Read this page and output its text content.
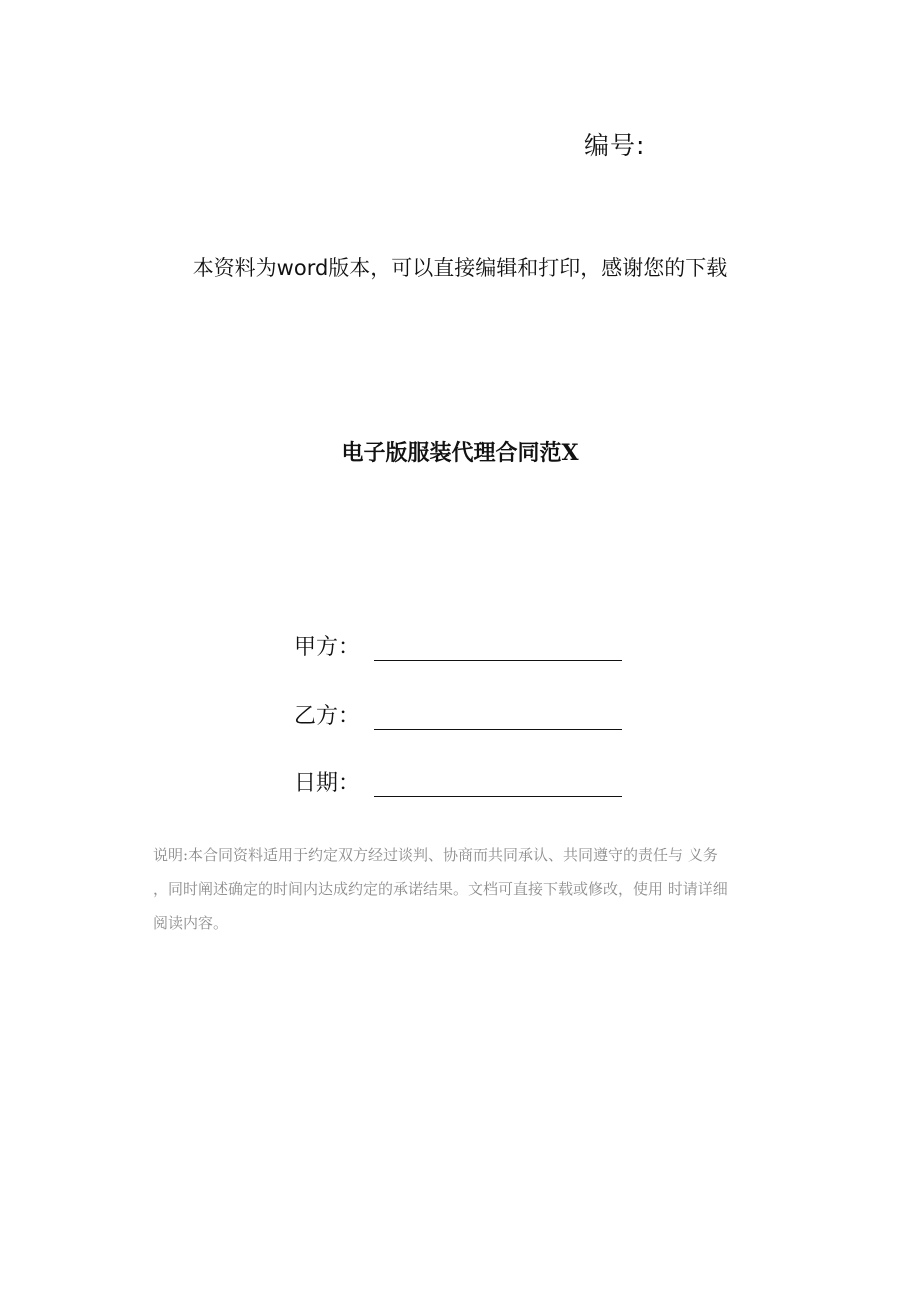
编号:
本资料为word版本，可以直接编辑和打印，感谢您的下载
电子版服装代理合同范X
甲方：
乙方：
日期：
说明:本合同资料适用于约定双方经过谈判、协商而共同承认、共同遵守的责任与 义务
，同时阐述确定的时间内达成约定的承诺结果。文档可直接下载或修改，使用 时请详细
阅读内容。
